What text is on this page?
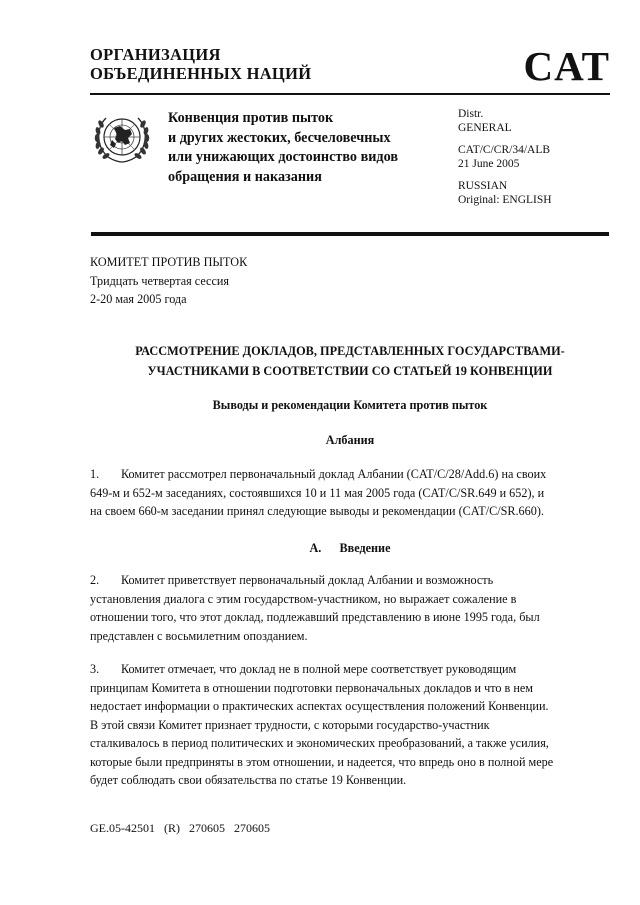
ОРГАНИЗАЦИЯ
ОБЪЕДИНЕННЫХ НАЦИЙ	CAT
Конвенция против пыток
и других жестоких, бесчеловечных
или унижающих достоинство видов
обращения и наказания
Distr.
GENERAL
CAT/C/CR/34/ALB
21 June 2005
RUSSIAN
Original: ENGLISH
КОМИТЕТ ПРОТИВ ПЫТОК
Тридцать четвертая сессия
2-20 мая 2005 года
РАССМОТРЕНИЕ ДОКЛАДОВ, ПРЕДСТАВЛЕННЫХ ГОСУДАРСТВАМИ-
УЧАСТНИКАМИ В СООТВЕТСТВИИ СО СТАТЬЕЙ 19 КОНВЕНЦИИ
Выводы и рекомендации Комитета против пыток
Албания
1. Комитет рассмотрел первоначальный доклад Албании (CAT/C/28/Add.6) на своих
649-м и 652-м заседаниях, состоявшихся 10 и 11 мая 2005 года (CAT/C/SR.649 и 652), и
на своем 660-м заседании принял следующие выводы и рекомендации (CAT/C/SR.660).
A. Введение
2. Комитет приветствует первоначальный доклад Албании и возможность
установления диалога с этим государством-участником, но выражает сожаление в
отношении того, что этот доклад, подлежавший представлению в июне 1995 года, был
представлен с восьмилетним опозданием.
3. Комитет отмечает, что доклад не в полной мере соответствует руководящим
принципам Комитета в отношении подготовки первоначальных докладов и что в нем
недостает информации о практических аспектах осуществления положений Конвенции.
В этой связи Комитет признает трудности, с которыми государство-участник
сталкивалось в период политических и экономических преобразований, а также усилия,
которые были предприняты в этом отношении, и надеется, что впредь оно в полной мере
будет соблюдать свои обязательства по статье 19 Конвенции.
GE.05-42501   (R)   270605   270605
